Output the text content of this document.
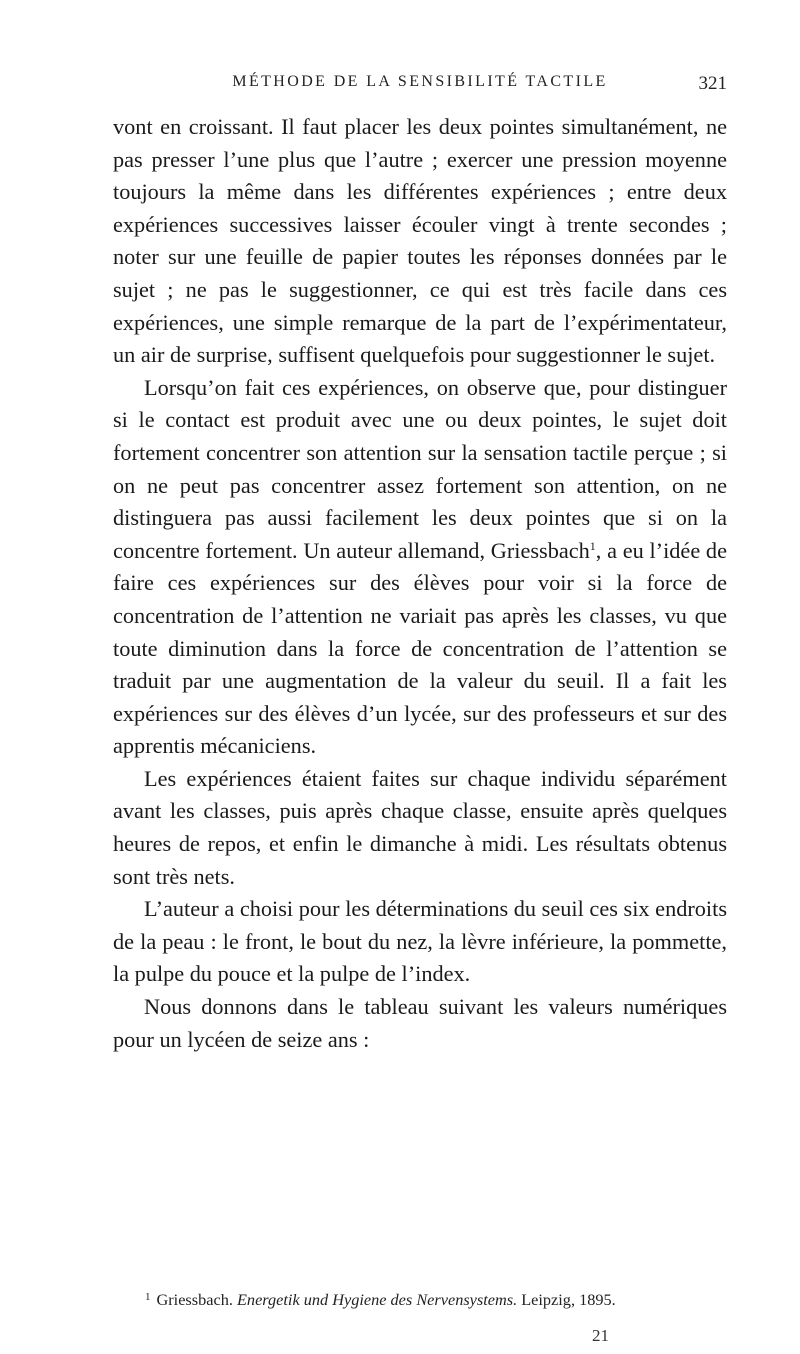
MÉTHODE DE LA SENSIBILITÉ TACTILE	321

vont en croissant. Il faut placer les deux pointes simultanément, ne pas presser l’une plus que l’autre ; exercer une pression moyenne toujours la même dans les différentes expériences ; entre deux expériences successives laisser écouler vingt à trente secondes ; noter sur une feuille de papier toutes les réponses données par le sujet ; ne pas le suggestionner, ce qui est très facile dans ces expériences, une simple remarque de la part de l’expérimentateur, un air de surprise, suffisent quelquefois pour suggestionner le sujet.

Lorsqu’on fait ces expériences, on observe que, pour distinguer si le contact est produit avec une ou deux pointes, le sujet doit fortement concentrer son attention sur la sensation tactile perçue ; si on ne peut pas concentrer assez fortement son attention, on ne distinguera pas aussi facilement les deux pointes que si on la concentre fortement. Un auteur allemand, Griessbach$^1$, a eu l’idée de faire ces expériences sur des élèves pour voir si la force de concentration de l’attention ne variait pas après les classes, vu que toute diminution dans la force de concentration de l’attention se traduit par une augmentation de la valeur du seuil. Il a fait les expériences sur des élèves d’un lycée, sur des professeurs et sur des apprentis mécaniciens.

Les expériences étaient faites sur chaque individu séparément avant les classes, puis après chaque classe, ensuite après quelques heures de repos, et enfin le dimanche à midi. Les résultats obtenus sont très nets.

L’auteur a choisi pour les déterminations du seuil ces six endroits de la peau : le front, le bout du nez, la lèvre inférieure, la pommette, la pulpe du pouce et la pulpe de l’index.

Nous donnons dans le tableau suivant les valeurs numériques pour un lycéen de seize ans :

$^1$ Griessbach. Energetik und Hygiene des Nervensystems. Leipzig, 1895.
21
